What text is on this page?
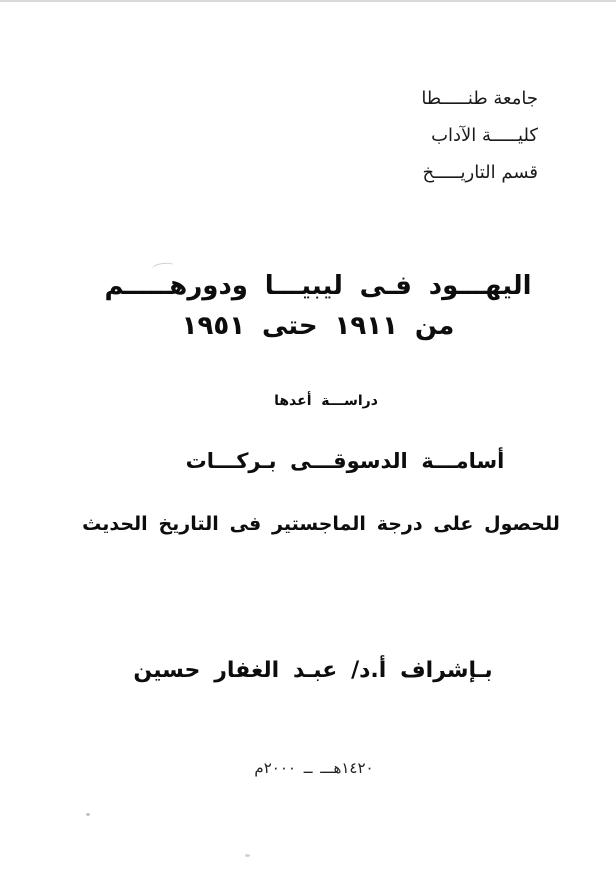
جامعة طنـــــطا
كليـــــة الآداب
قسم التاريـــــخ
اليهـــود فـى ليبيـــا ودورهـــــم
من ١٩١١ حتى ١٩٥١
دراســـة أعدها
أسامـــة الدسوقـــى بـركـــات
للحصول على درجة الماجستير فى التاريخ الحديث
بـإشراف أ.د/ عبـد الغفار حسين
١٤٢٠هـــ ــ ٢٠٠٠م
